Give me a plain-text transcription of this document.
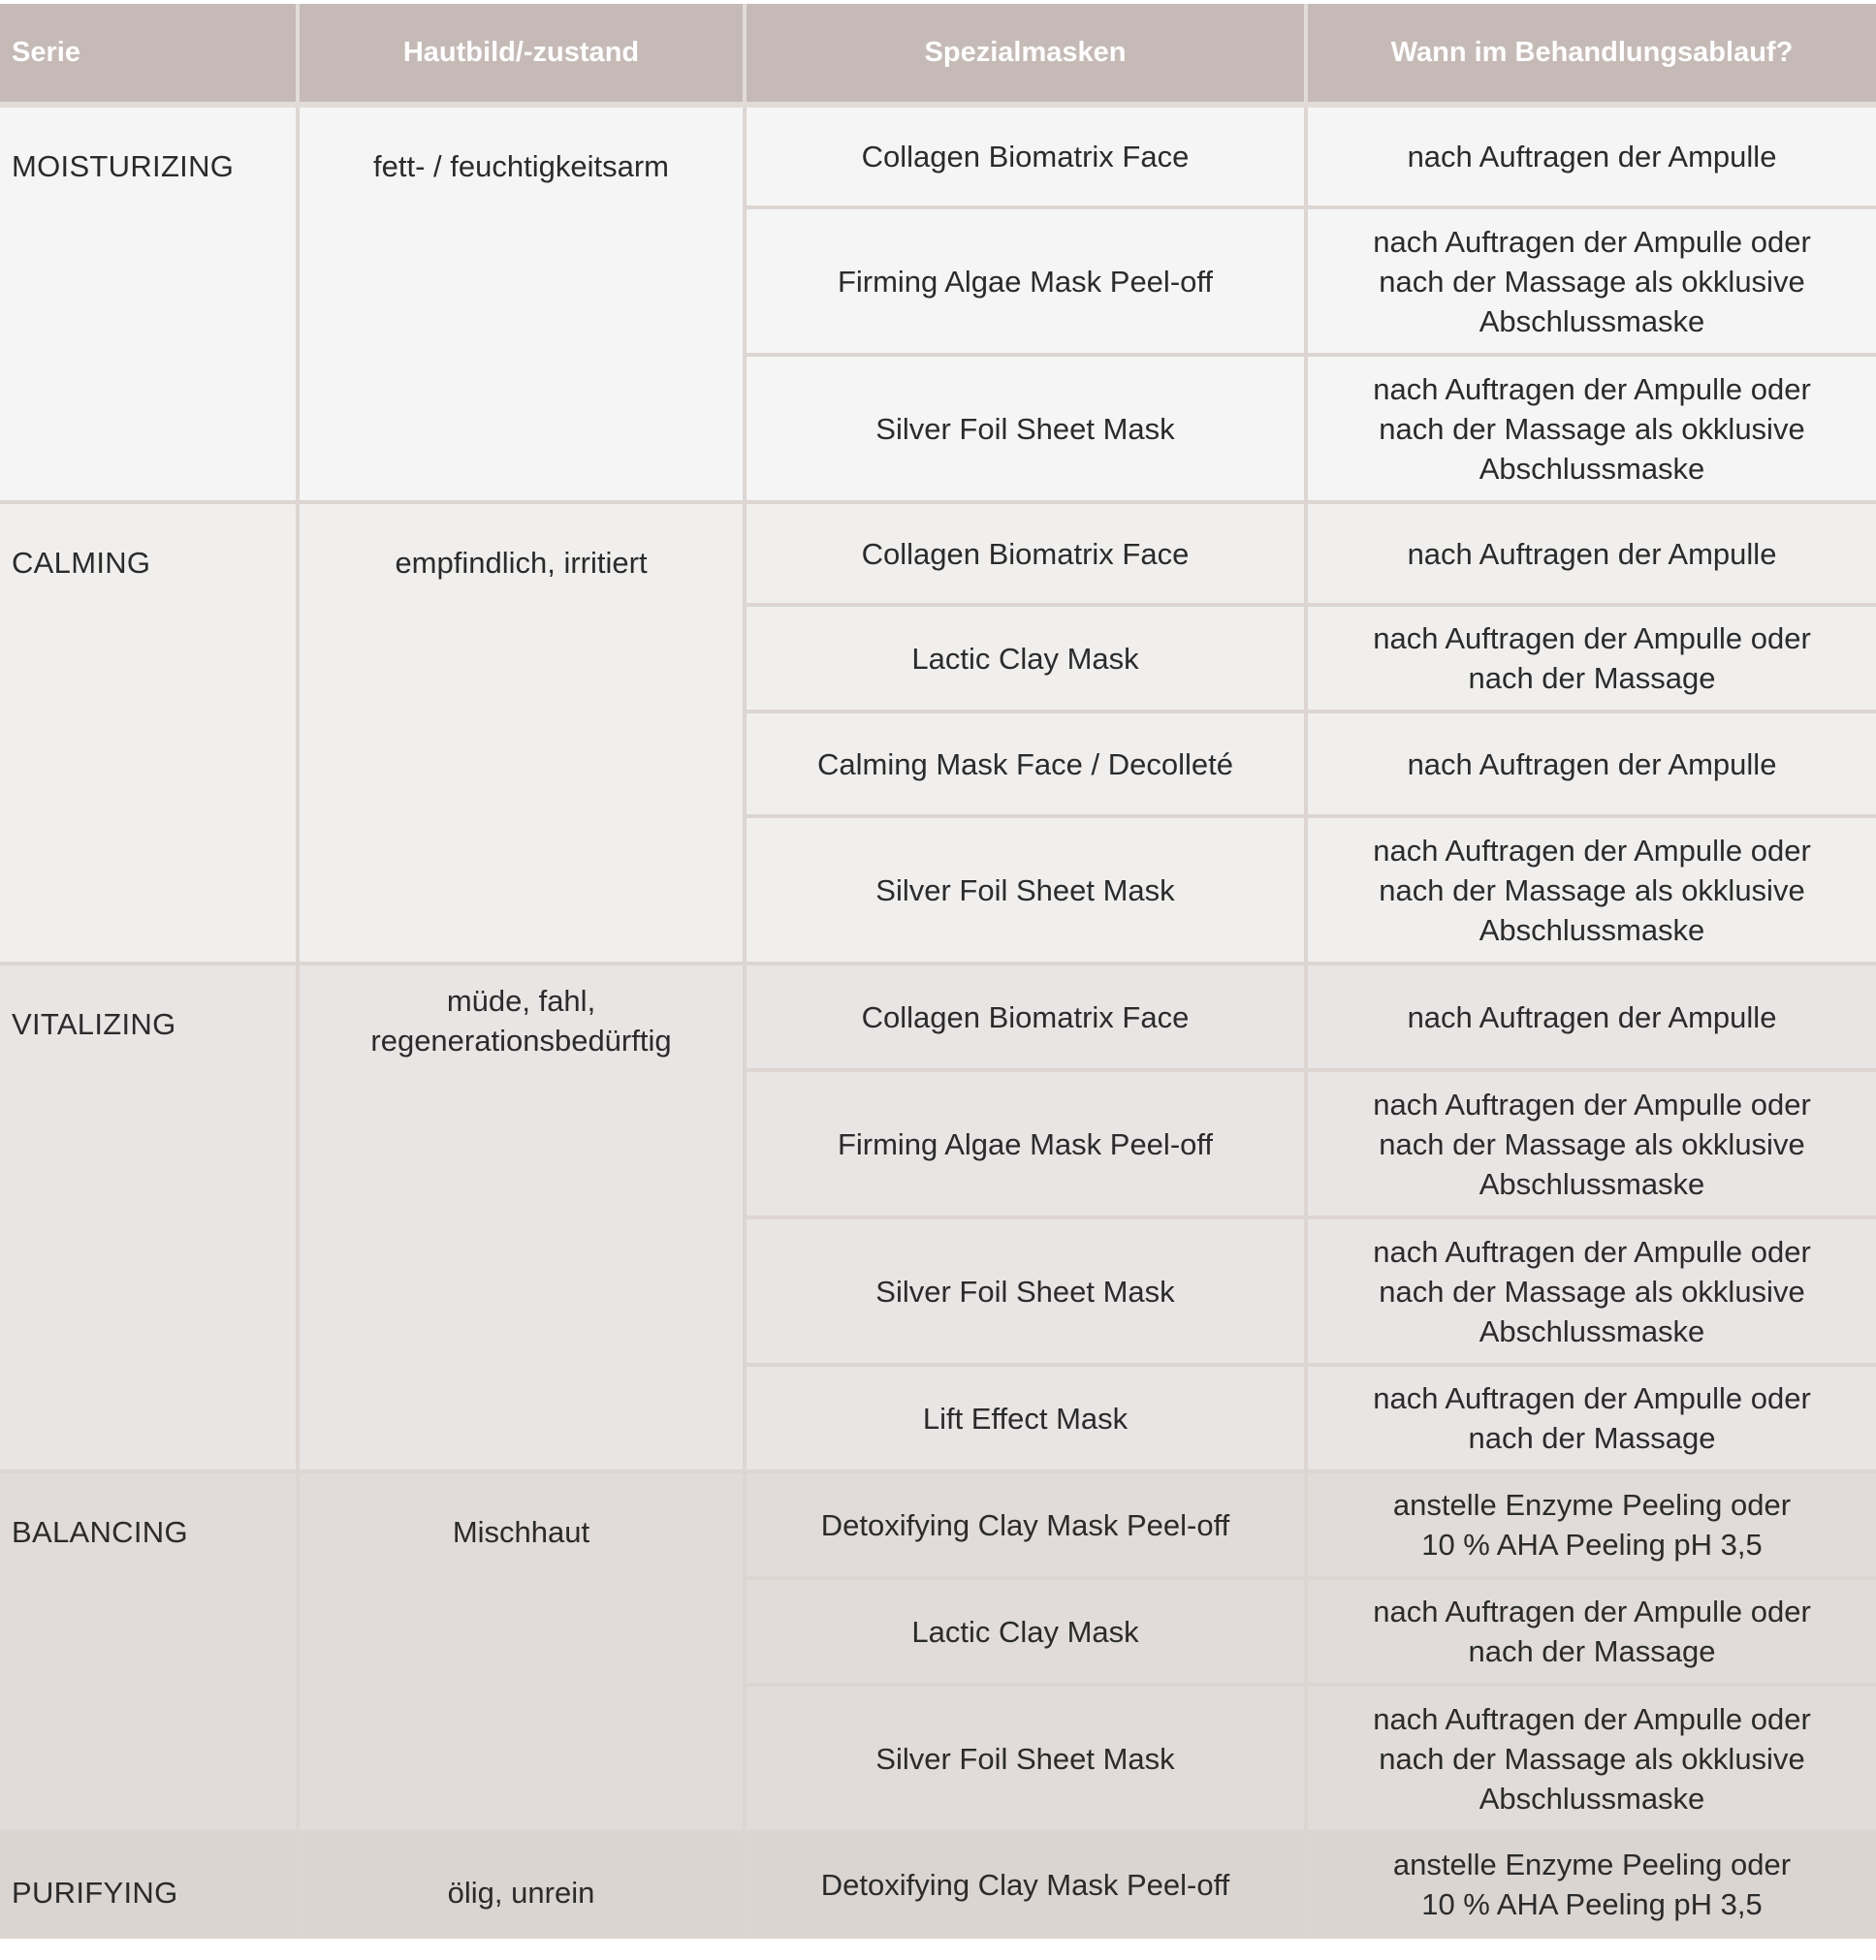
Serie	Hautbild/-zustand	Spezialmasken	Wann im Behandlungsablauf?
MOISTURIZING	fett- / feuchtigkeitsarm	Collagen Biomatrix Face	nach Auftragen der Ampulle

		Firming Algae Mask Peel-off	nach Auftragen der Ampulle oder
nach der Massage als okklusive
Abschlussmaske

		Silver Foil Sheet Mask	nach Auftragen der Ampulle oder
nach der Massage als okklusive
Abschlussmaske

CALMING	empfindlich, irritiert	Collagen Biomatrix Face	nach Auftragen der Ampulle

		Lactic Clay Mask	nach Auftragen der Ampulle oder
nach der Massage

		Calming Mask Face / Decolleté	nach Auftragen der Ampulle

		Silver Foil Sheet Mask	nach Auftragen der Ampulle oder
nach der Massage als okklusive
Abschlussmaske

VITALIZING	müde, fahl,
regenerationsbedürftig	Collagen Biomatrix Face	nach Auftragen der Ampulle

		Firming Algae Mask Peel-off	nach Auftragen der Ampulle oder
nach der Massage als okklusive
Abschlussmaske

		Silver Foil Sheet Mask	nach Auftragen der Ampulle oder
nach der Massage als okklusive
Abschlussmaske

		Lift Effect Mask	nach Auftragen der Ampulle oder
nach der Massage

BALANCING	Mischhaut	Detoxifying Clay Mask Peel-off	anstelle Enzyme Peeling oder
10 % AHA Peeling pH 3,5

		Lactic Clay Mask	nach Auftragen der Ampulle oder
nach der Massage

		Silver Foil Sheet Mask	nach Auftragen der Ampulle oder
nach der Massage als okklusive
Abschlussmaske

PURIFYING	ölig, unrein	Detoxifying Clay Mask Peel-off	anstelle Enzyme Peeling oder
10 % AHA Peeling pH 3,5
